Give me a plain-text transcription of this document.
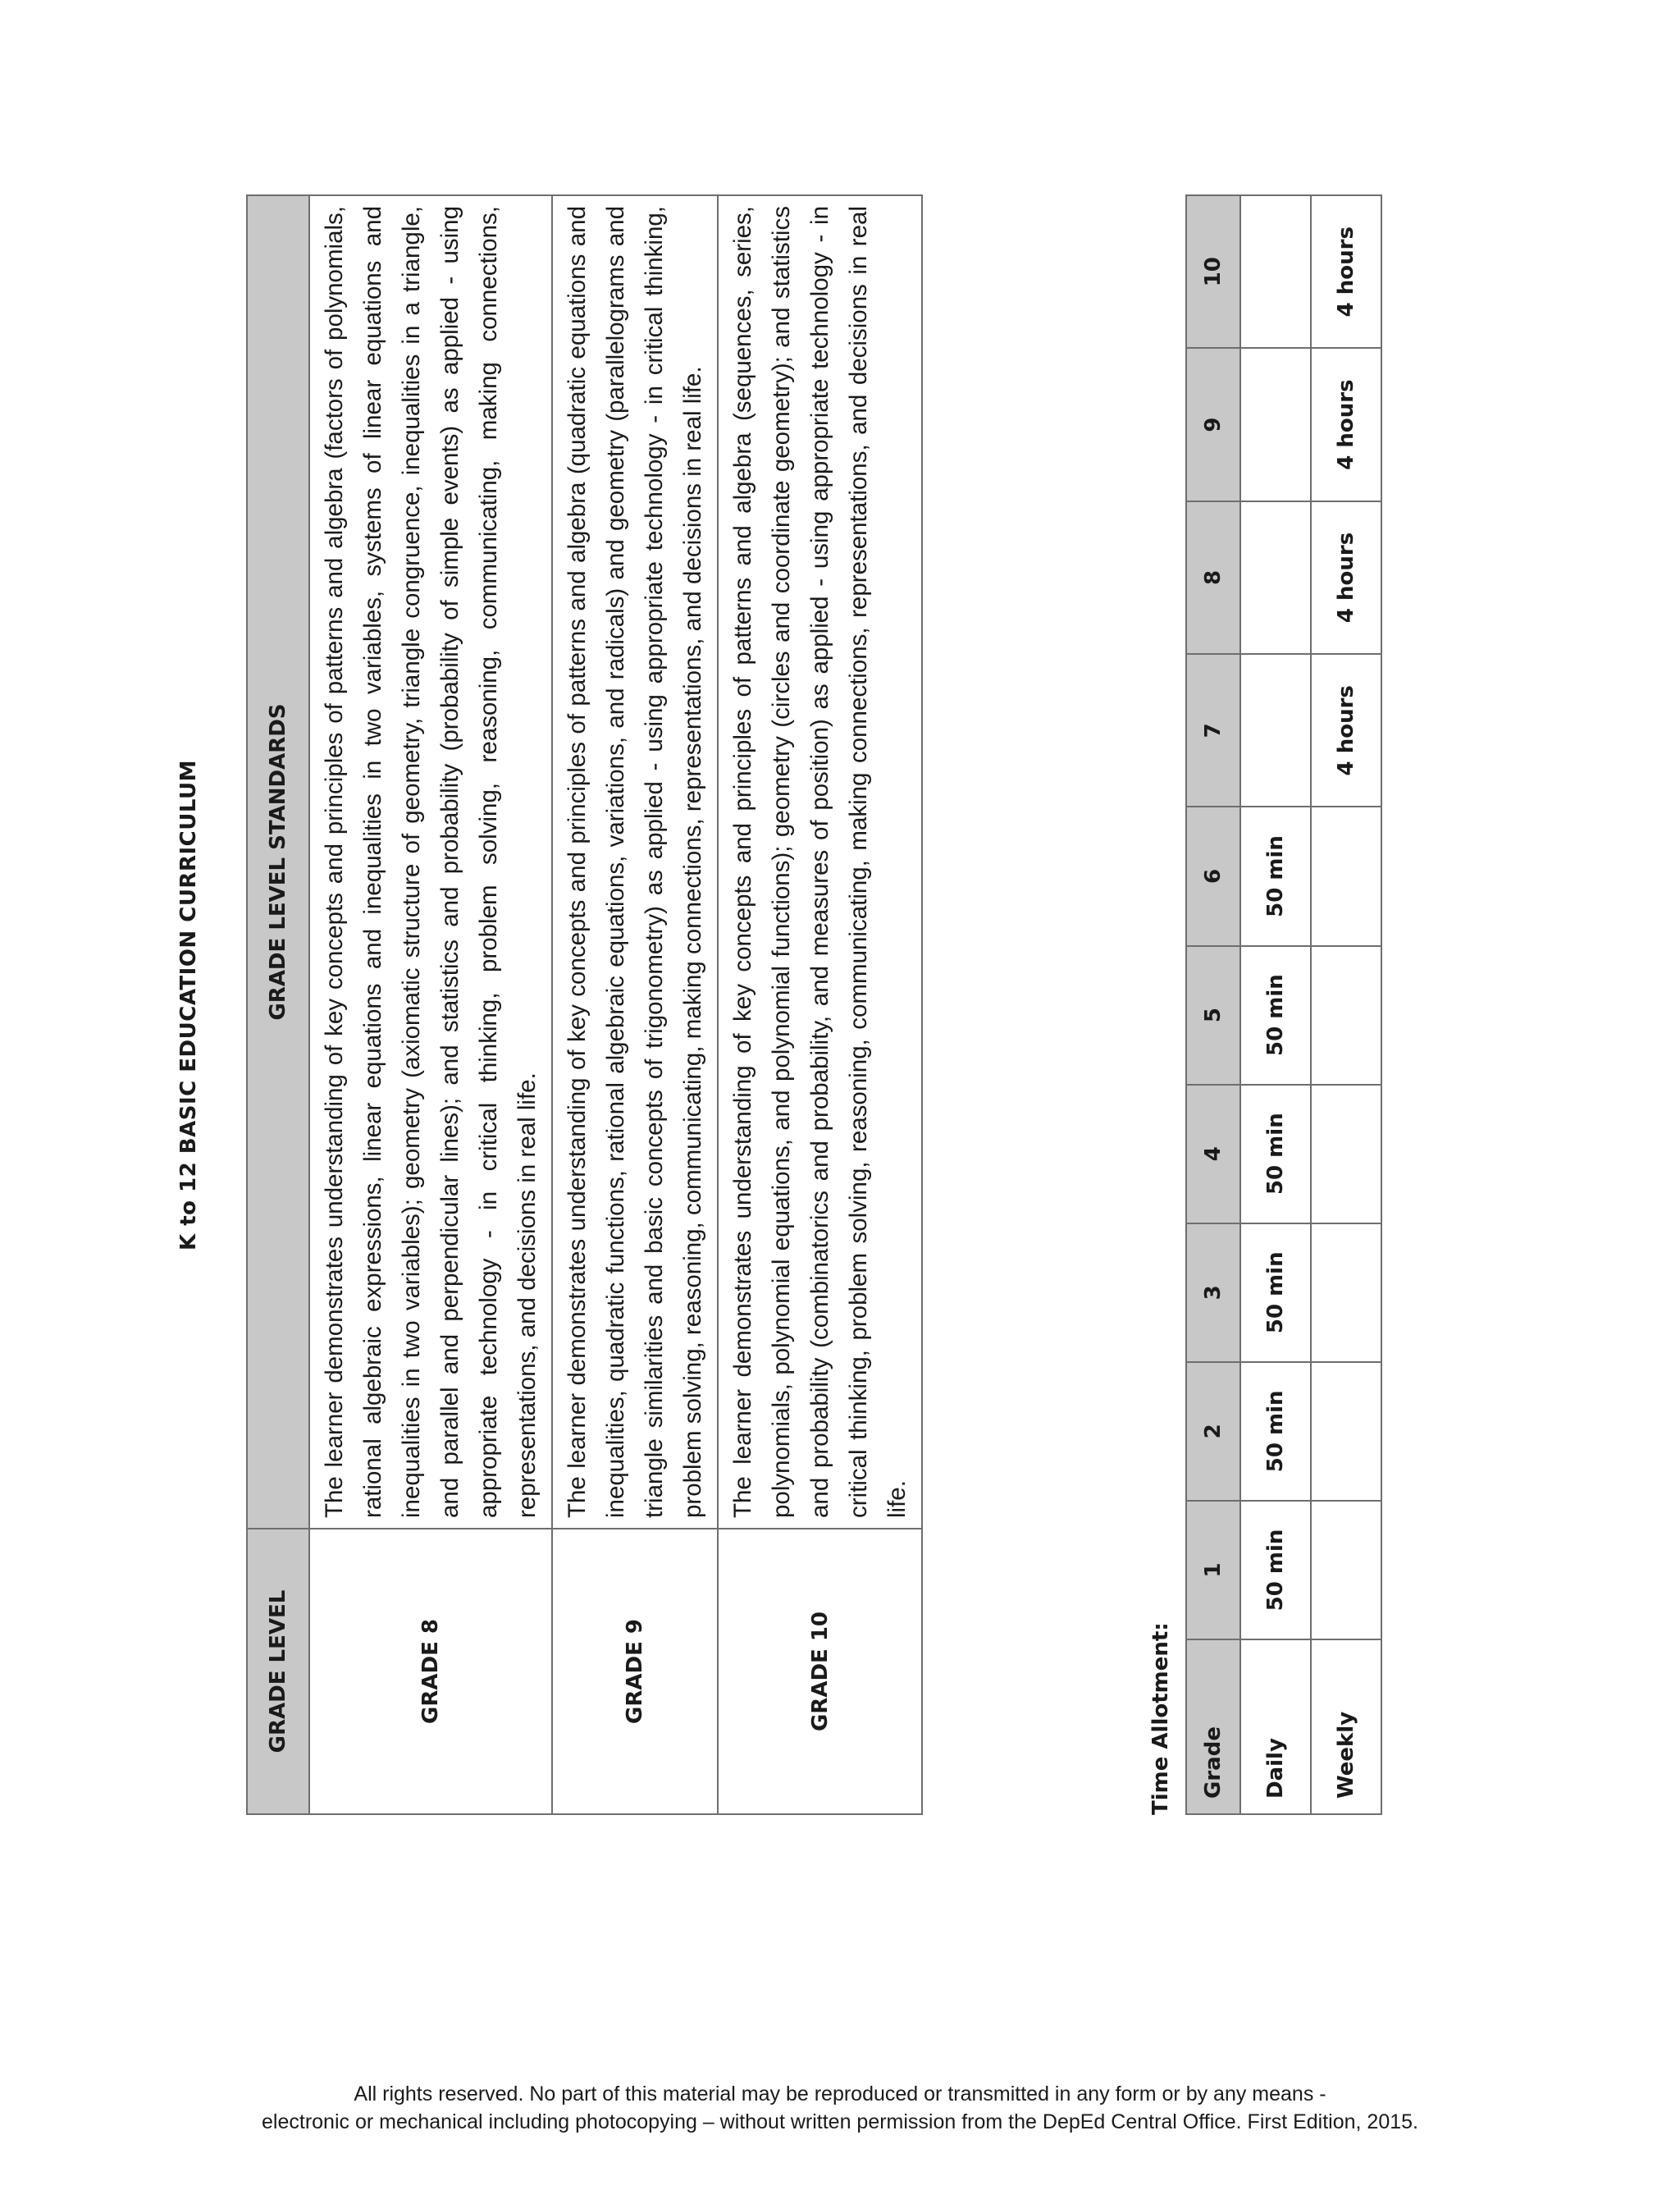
K to 12 BASIC EDUCATION CURRICULUM
GRADE LEVEL	GRADE LEVEL STANDARDS
GRADE 8	The learner demonstrates understanding of key concepts and principles of patterns and algebra (factors of polynomials, rational algebraic expressions, linear equations and inequalities in two variables, systems of linear equations and inequalities in two variables); geometry (axiomatic structure of geometry, triangle congruence, inequalities in a triangle, and parallel and perpendicular lines); and statistics and probability (probability of simple events) as applied - using appropriate technology - in critical thinking, problem solving, reasoning, communicating, making connections, representations, and decisions in real life.
GRADE 9	The learner demonstrates understanding of key concepts and principles of patterns and algebra (quadratic equations and inequalities, quadratic functions, rational algebraic equations, variations, and radicals) and geometry (parallelograms and triangle similarities and basic concepts of trigonometry) as applied - using appropriate technology - in critical thinking, problem solving, reasoning, communicating, making connections, representations, and decisions in real life.
GRADE 10	The learner demonstrates understanding of key concepts and principles of patterns and algebra (sequences, series, polynomials, polynomial equations, and polynomial functions); geometry (circles and coordinate geometry); and statistics and probability (combinatorics and probability, and measures of position) as applied - using appropriate technology - in critical thinking, problem solving, reasoning, communicating, making connections, representations, and decisions in real life.
Time Allotment: Grade	1	2	3	4	5	6	7	8	9	10
Daily	50 min	50 min	50 min	50 min	50 min	50 min				
Weekly							4 hours	4 hours	4 hours	4 hours
All rights reserved. No part of this material may be reproduced or transmitted in any form or by any means -
electronic or mechanical including photocopying – without written permission from the DepEd Central Office. First Edition, 2015.
